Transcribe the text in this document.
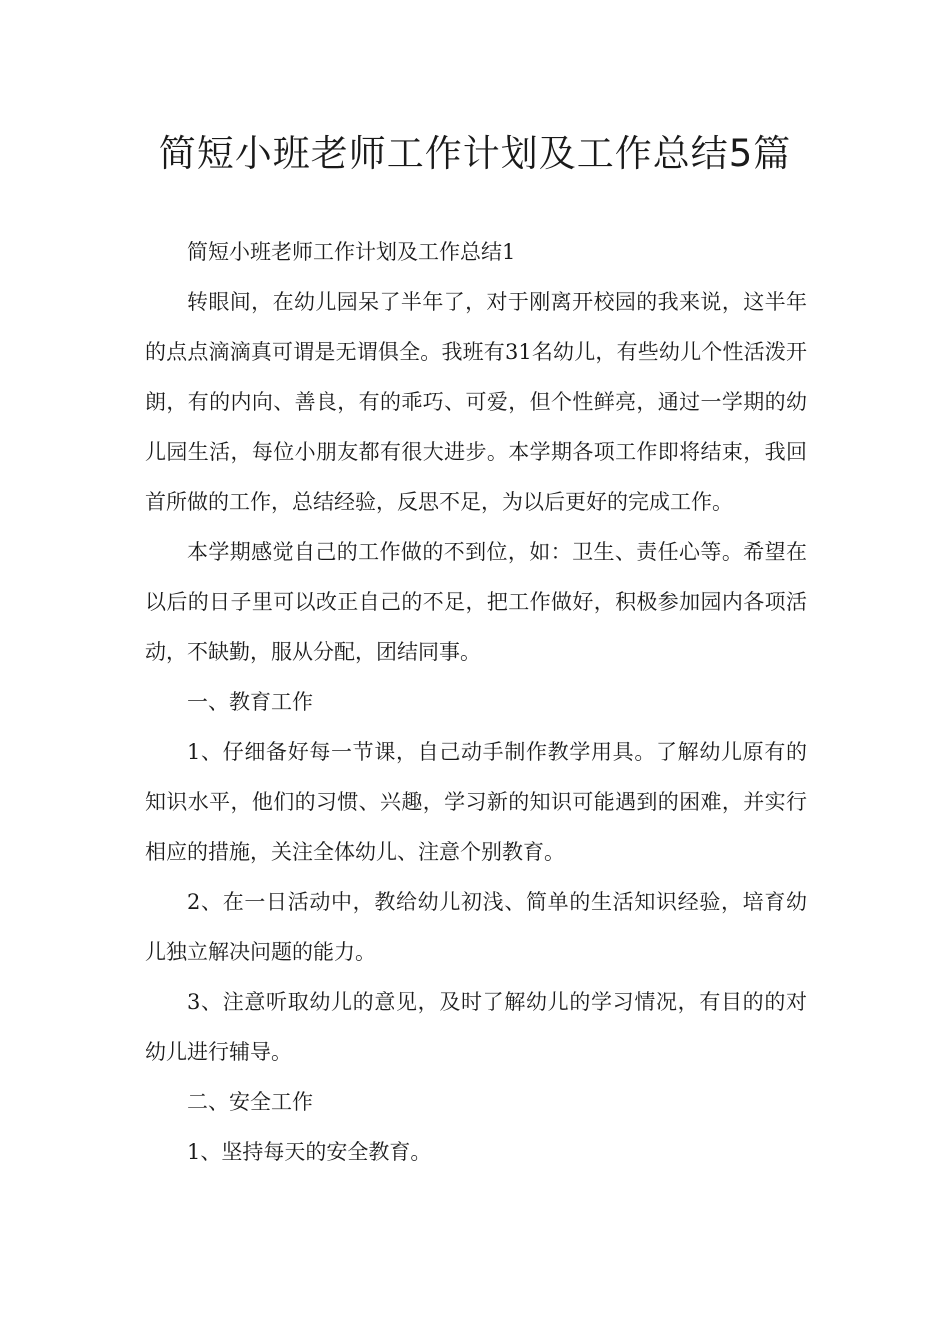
简短小班老师工作计划及工作总结5篇

简短小班老师工作计划及工作总结1

转眼间，在幼儿园呆了半年了，对于刚离开校园的我来说，这半年的点点滴滴真可谓是无谓俱全。我班有31名幼儿，有些幼儿个性活泼开朗，有的内向、善良，有的乖巧、可爱，但个性鲜亮，通过一学期的幼儿园生活，每位小朋友都有很大进步。本学期各项工作即将结束，我回首所做的工作，总结经验，反思不足，为以后更好的完成工作。

本学期感觉自己的工作做的不到位，如：卫生、责任心等。希望在以后的日子里可以改正自己的不足，把工作做好，积极参加园内各项活动，不缺勤，服从分配，团结同事。

一、教育工作

1、仔细备好每一节课，自己动手制作教学用具。了解幼儿原有的知识水平，他们的习惯、兴趣，学习新的知识可能遇到的困难，并实行相应的措施，关注全体幼儿、注意个别教育。

2、在一日活动中，教给幼儿初浅、简单的生活知识经验，培育幼儿独立解决问题的能力。

3、注意听取幼儿的意见，及时了解幼儿的学习情况，有目的的对幼儿进行辅导。

二、安全工作

1、坚持每天的安全教育。
